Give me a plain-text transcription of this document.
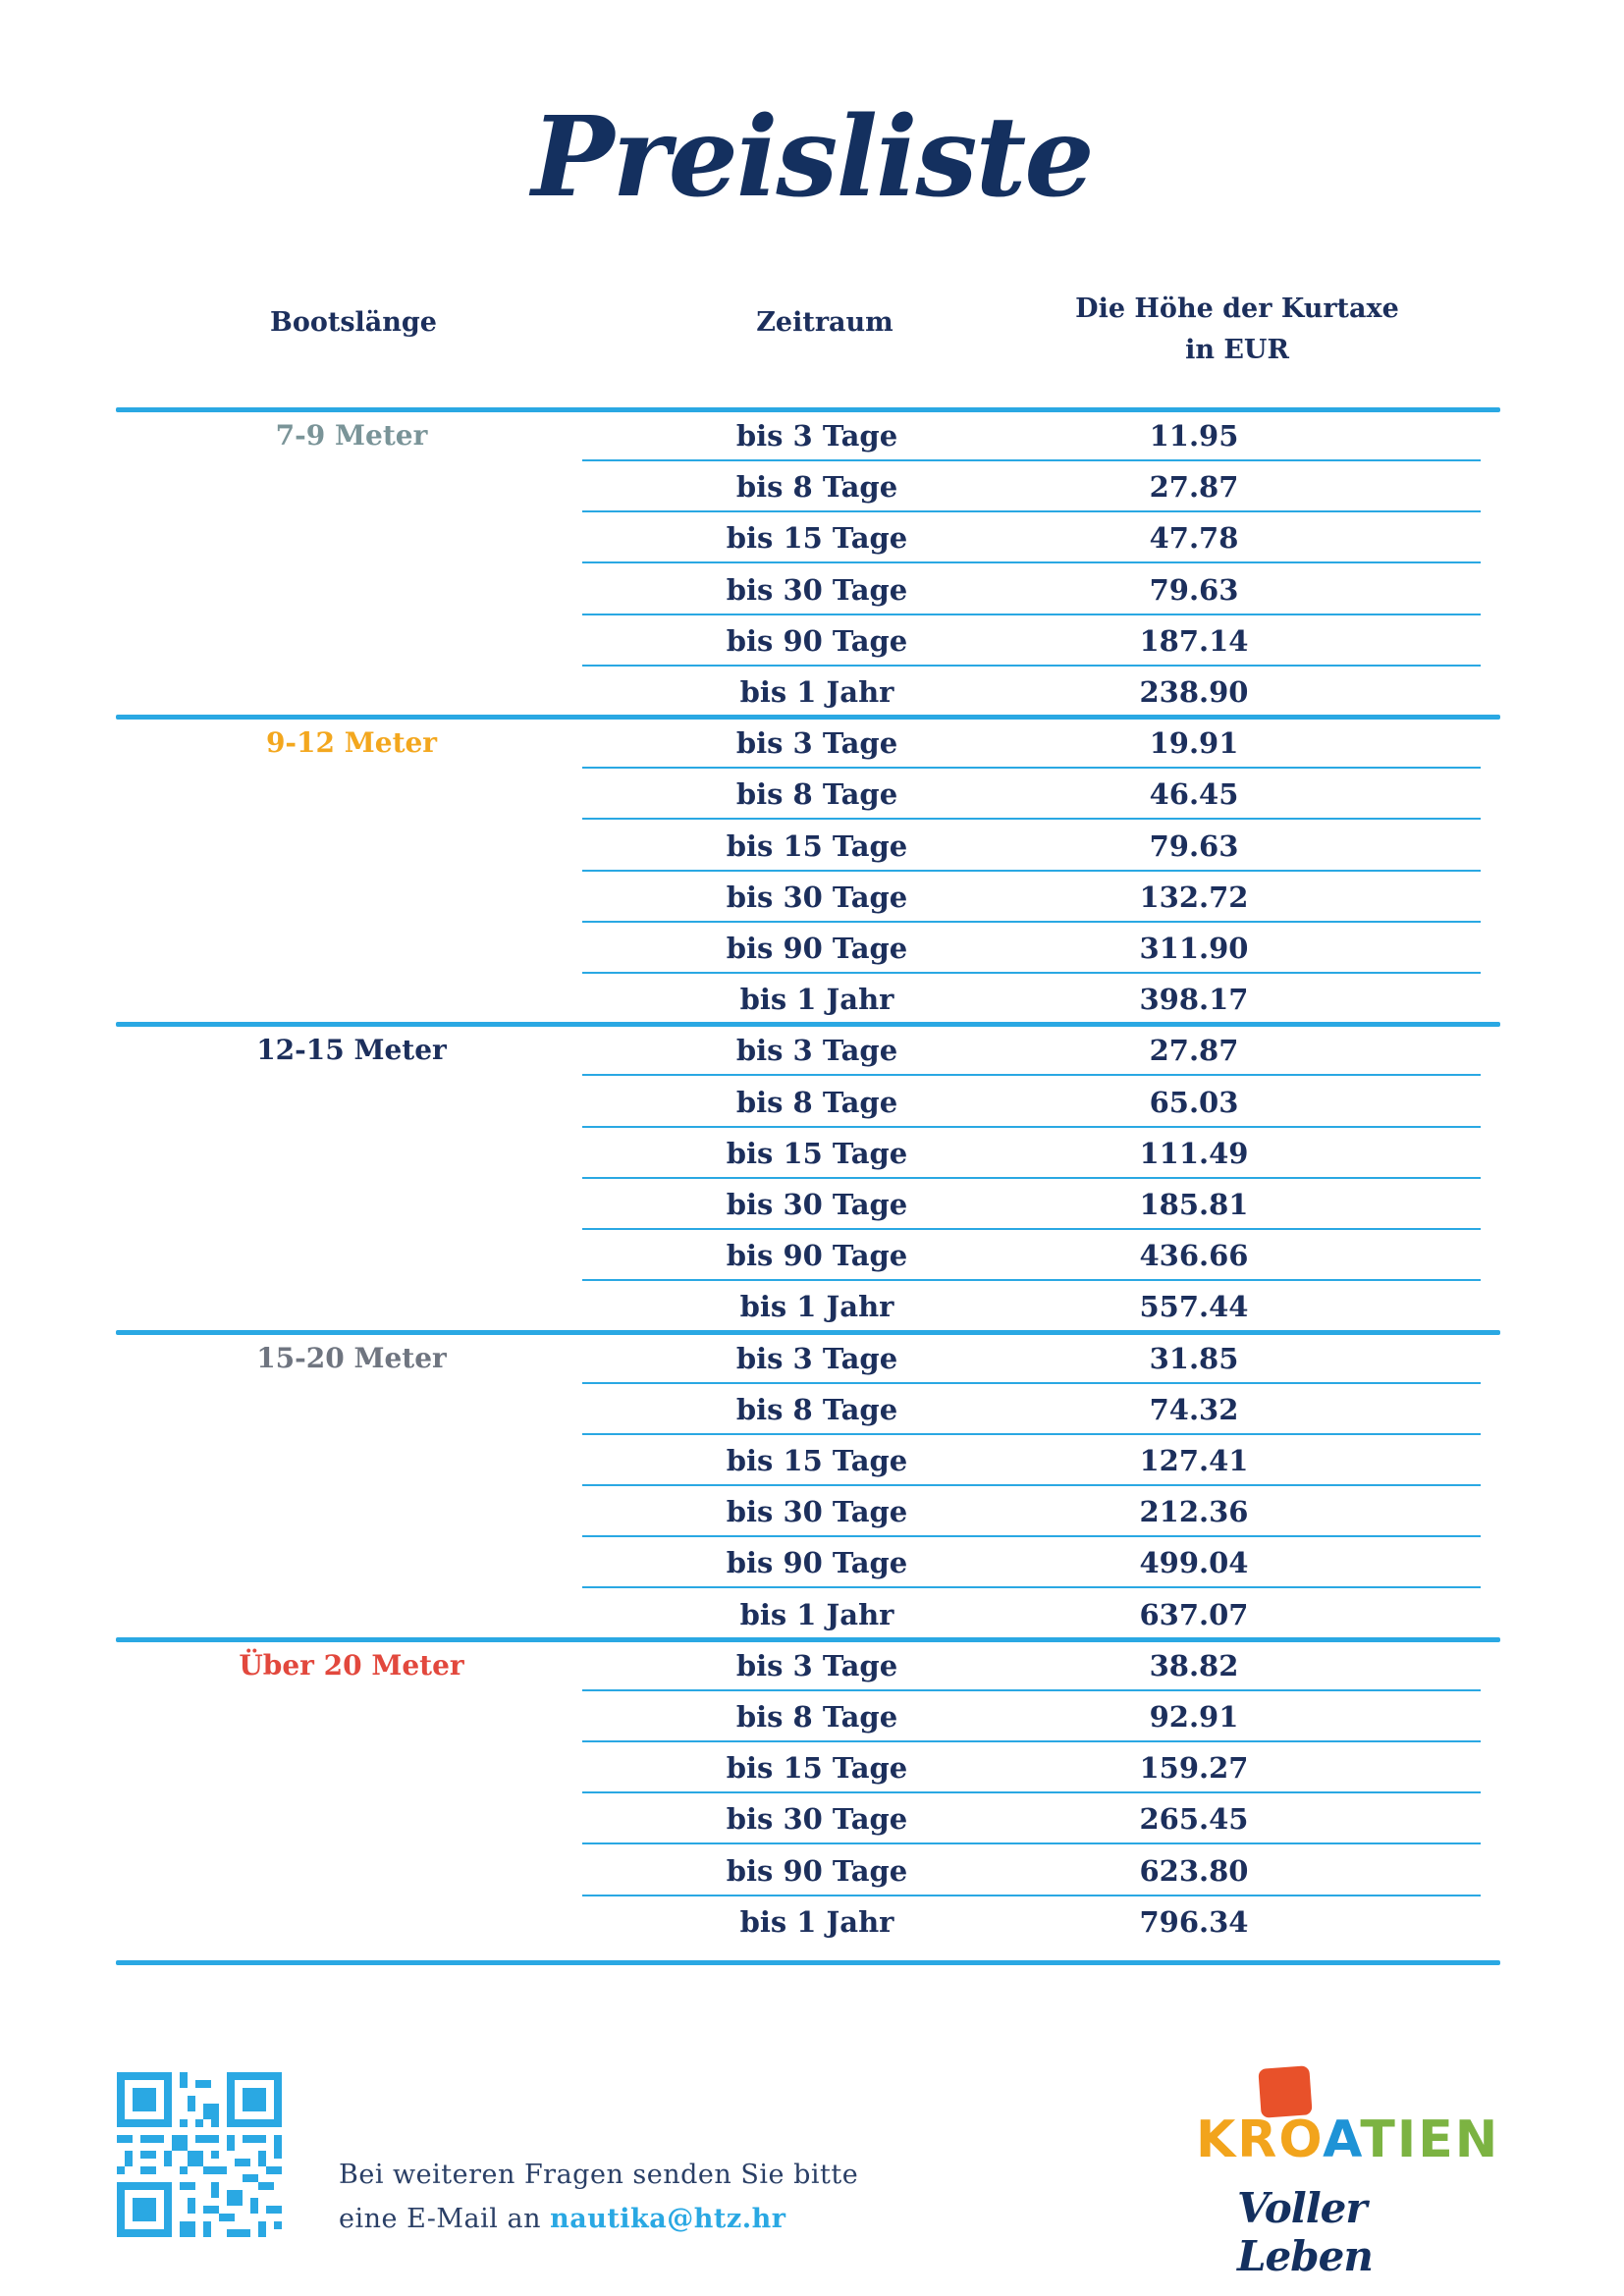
Preisliste
Bootslänge	Zeitraum	Die Höhe der Kurtaxe
in EUR
7-9 Meter	bis 3 Tage	11.95
bis 8 Tage	27.87
bis 15 Tage	47.78
bis 30 Tage	79.63
bis 90 Tage	187.14
bis 1 Jahr	238.90
9-12 Meter	bis 3 Tage	19.91
bis 8 Tage	46.45
bis 15 Tage	79.63
bis 30 Tage	132.72
bis 90 Tage	311.90
bis 1 Jahr	398.17
12-15 Meter	bis 3 Tage	27.87
bis 8 Tage	65.03
bis 15 Tage	111.49
bis 30 Tage	185.81
bis 90 Tage	436.66
bis 1 Jahr	557.44
15-20 Meter	bis 3 Tage	31.85
bis 8 Tage	74.32
bis 15 Tage	127.41
bis 30 Tage	212.36
bis 90 Tage	499.04
bis 1 Jahr	637.07
Über 20 Meter	bis 3 Tage	38.82
bis 8 Tage	92.91
bis 15 Tage	159.27
bis 30 Tage	265.45
bis 90 Tage	623.80
bis 1 Jahr	796.34
Bei weiteren Fragen senden Sie bitte
eine E-Mail an nautika@htz.hr
KROATIEN
Voller Leben
